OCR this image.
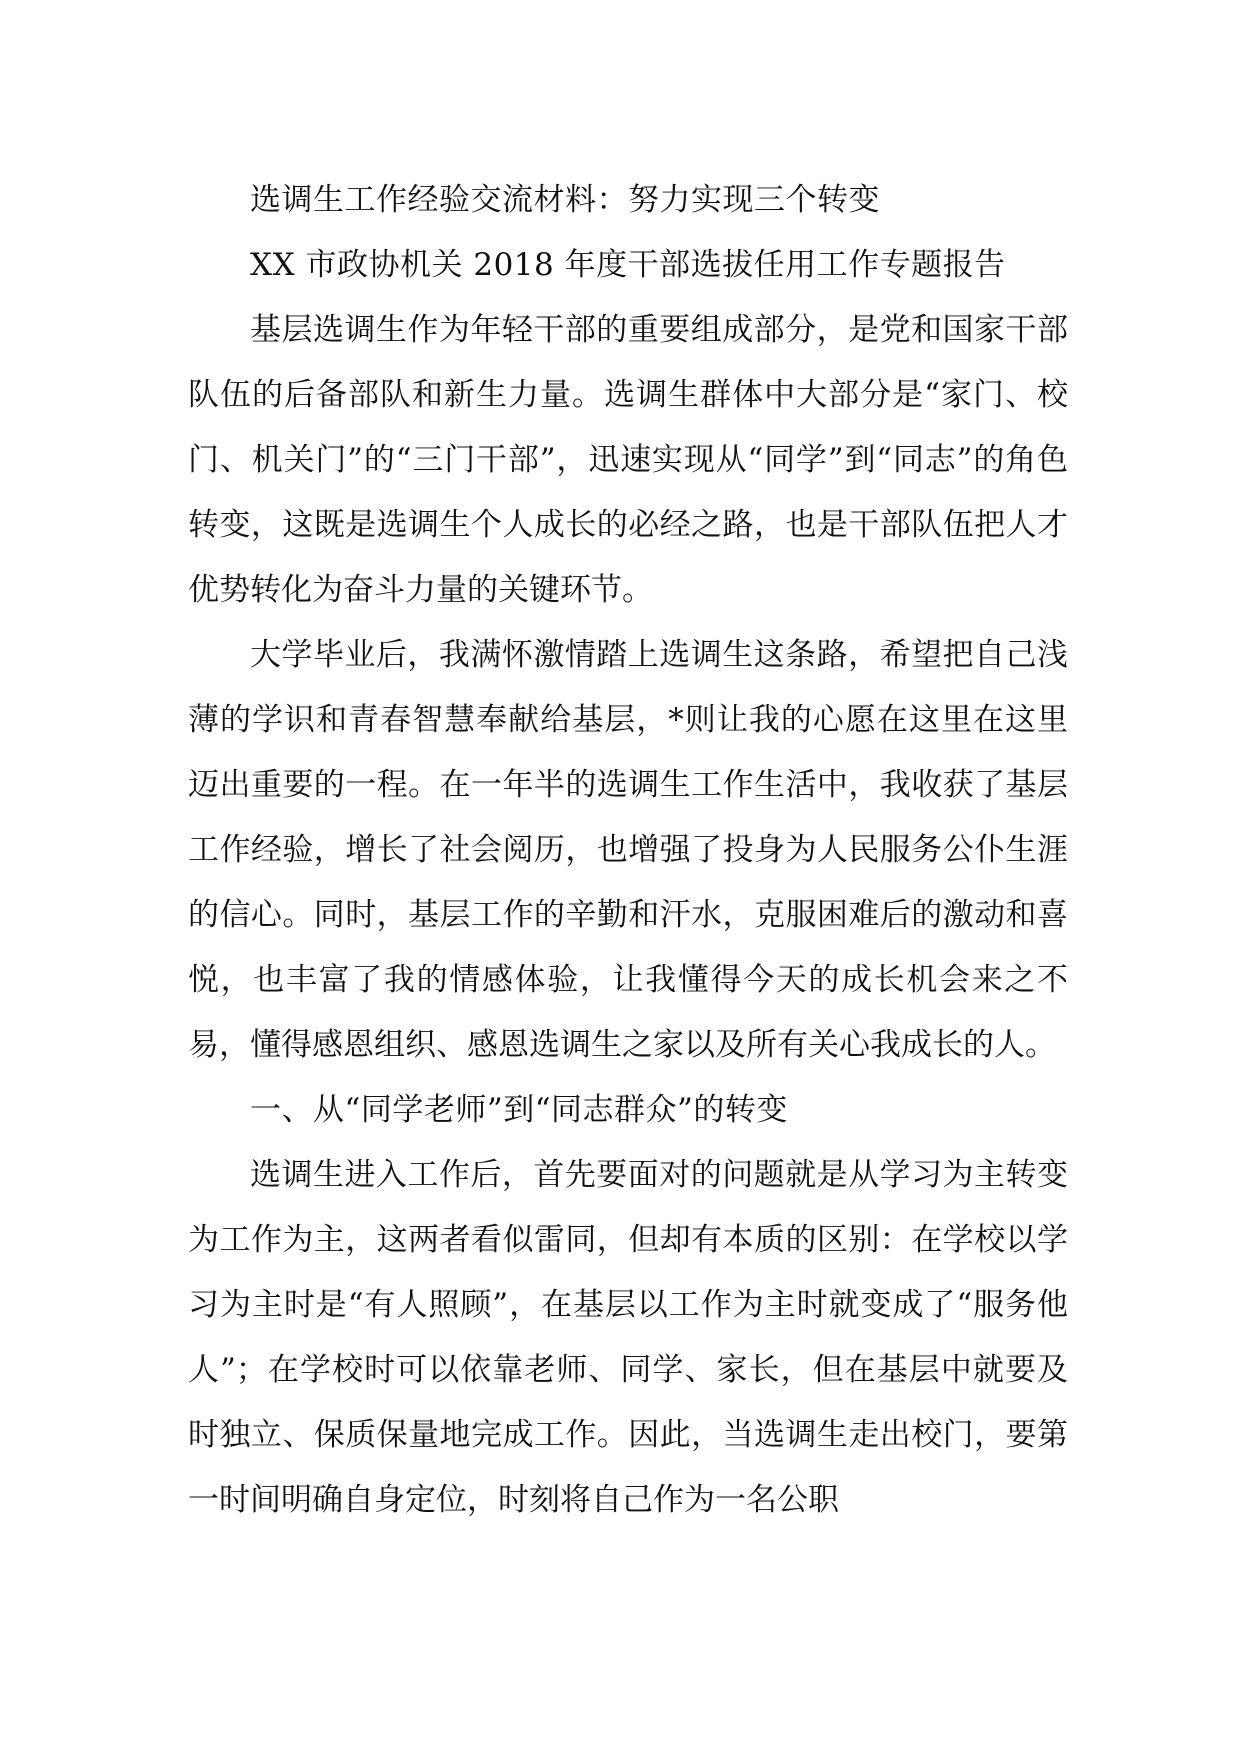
选调生工作经验交流材料：努力实现三个转变

XX 市政协机关 2018 年度干部选拔任用工作专题报告

基层选调生作为年轻干部的重要组成部分，是党和国家干部队伍的后备部队和新生力量。选调生群体中大部分是“家门、校门、机关门”的“三门干部”，迅速实现从“同学”到“同志”的角色转变，这既是选调生个人成长的必经之路，也是干部队伍把人才优势转化为奋斗力量的关键环节。

大学毕业后，我满怀激情踏上选调生这条路，希望把自己浅薄的学识和青春智慧奉献给基层，*则让我的心愿在这里在这里迈出重要的一程。在一年半的选调生工作生活中，我收获了基层工作经验，增长了社会阅历，也增强了投身为人民服务公仆生涯的信心。同时，基层工作的辛勤和汗水，克服困难后的激动和喜悦，也丰富了我的情感体验，让我懂得今天的成长机会来之不易，懂得感恩组织、感恩选调生之家以及所有关心我成长的人。

一、从“同学老师”到“同志群众”的转变

选调生进入工作后，首先要面对的问题就是从学习为主转变为工作为主，这两者看似雷同，但却有本质的区别：在学校以学习为主时是“有人照顾”，在基层以工作为主时就变成了“服务他人”；在学校时可以依靠老师、同学、家长，但在基层中就要及时独立、保质保量地完成工作。因此，当选调生走出校门，要第一时间明确自身定位，时刻将自己作为一名公职
